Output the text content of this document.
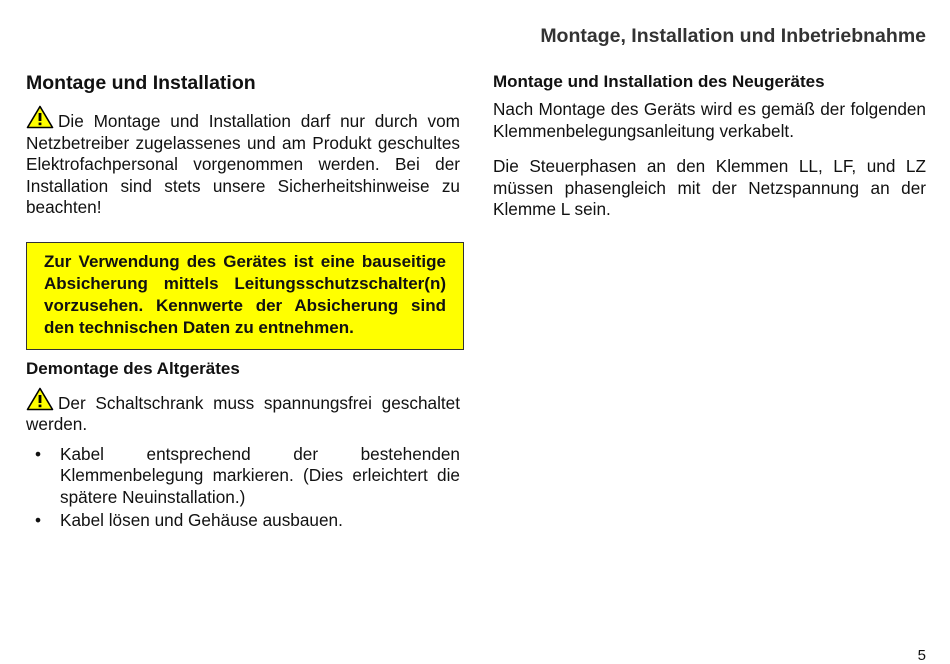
Montage, Installation und Inbetriebnahme
Montage und Installation

Die Montage und Installation darf nur durch vom Netzbetreiber zugelassenes und am Produkt geschultes Elektrofachpersonal vorgenommen werden. Bei der Installation sind stets unsere Sicherheitshinweise zu beachten!

Zur Verwendung des Gerätes ist eine bauseitige Absicherung mittels Leitungsschutzschalter(n) vorzusehen. Kennwerte der Absicherung sind den technischen Daten zu entnehmen.
Demontage des Altgerätes

Der Schaltschrank muss spannungsfrei geschaltet werden.

• Kabel entsprechend der bestehenden Klemmenbelegung markieren. (Dies erleichtert die spätere Neuinstallation.)
• Kabel lösen und Gehäuse ausbauen.
Montage und Installation des Neugerätes

Nach Montage des Geräts wird es gemäß der folgenden Klemmenbelegungsanleitung verkabelt.

Die Steuerphasen an den Klemmen LL, LF, und LZ müssen phasengleich mit der Netzspannung an der Klemme L sein.

5
